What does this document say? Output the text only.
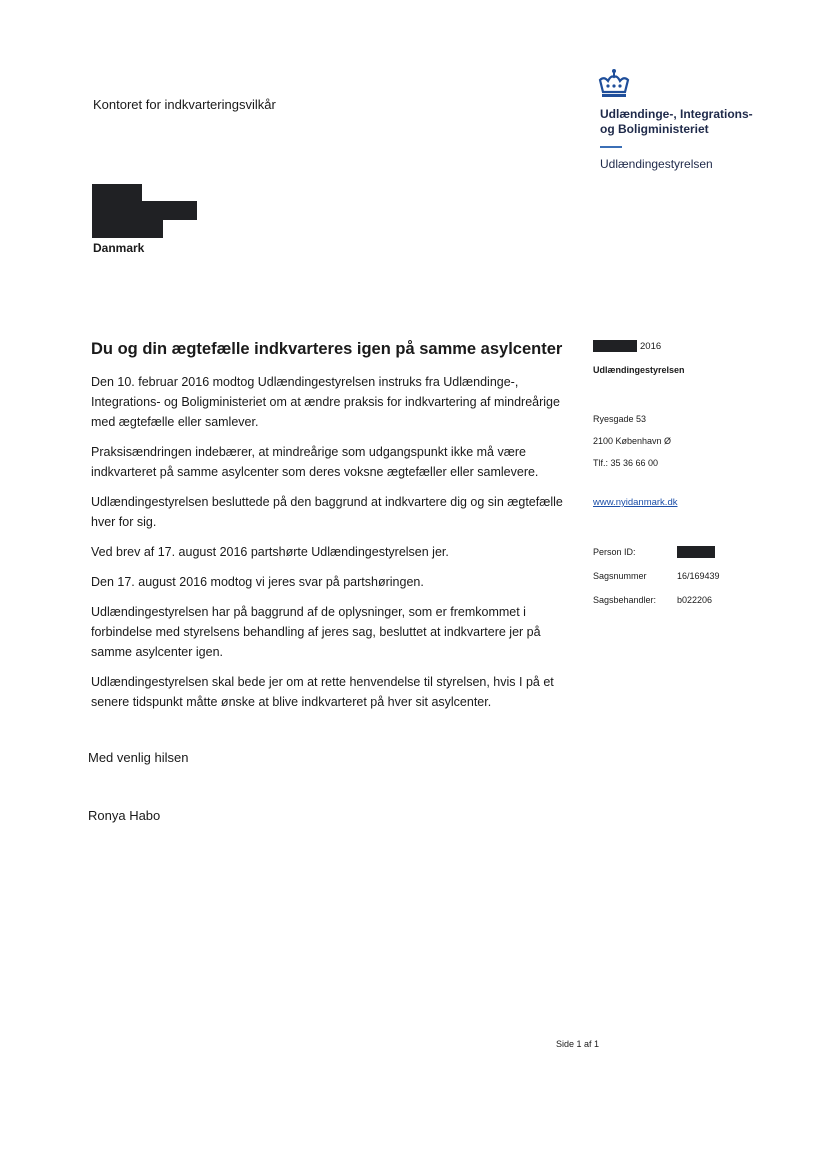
Kontoret for indkvarteringsvilkår
Udlændinge-, Integrations-
og Boligministeriet
Udlændingestyrelsen
Danmark
Du og din ægtefælle indkvarteres igen på samme asylcenter

Den 10. februar 2016 modtog Udlændingestyrelsen instruks fra Udlændinge-, Integrations- og Boligministeriet om at ændre praksis for indkvartering af mindreårige med ægtefælle eller samlever.

Praksisændringen indebærer, at mindreårige som udgangspunkt ikke må være indkvarteret på samme asylcenter som deres voksne ægtefæller eller samlevere.

Udlændingestyrelsen besluttede på den baggrund at indkvartere dig og sin ægtefælle hver for sig.

Ved brev af 17. august 2016 partshørte Udlændingestyrelsen jer.

Den 17. august 2016 modtog vi jeres svar på partshøringen.

Udlændingestyrelsen har på baggrund af de oplysninger, som er fremkommet i forbindelse med styrelsens behandling af jeres sag, besluttet at indkvartere jer på samme asylcenter igen.

Udlændingestyrelsen skal bede jer om at rette henvendelse til styrelsen, hvis I på et senere tidspunkt måtte ønske at blive indkvarteret på hver sit asylcenter.

Med venlig hilsen
Ronya Habo
2016
Udlændingestyrelsen
Ryesgade 53
2100 København Ø
Tlf.: 35 36 66 00
www.nyidanmark.dk
Person ID:
Sagsnummer	16/169439
Sagsbehandler:	b022206
Side 1 af 1
